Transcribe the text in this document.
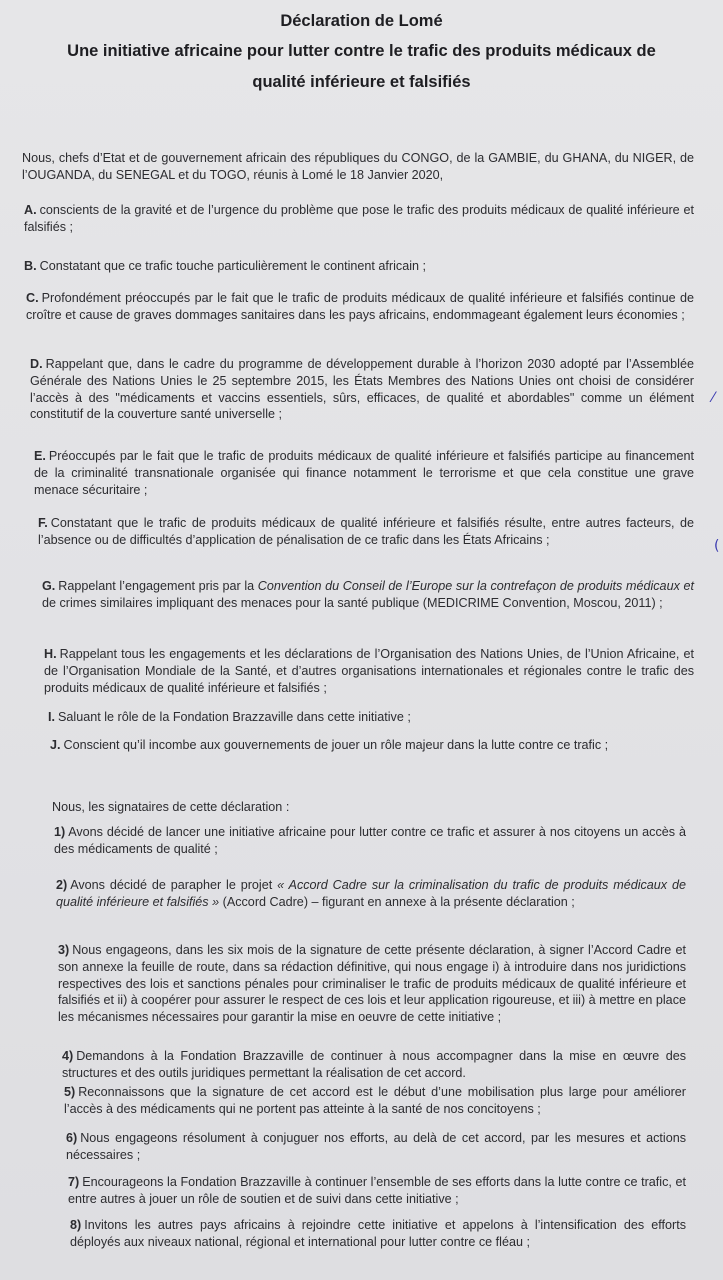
Déclaration de Lomé
Une initiative africaine pour lutter contre le trafic des produits médicaux de
qualité inférieure et falsifiés

Nous, chefs d’Etat et de gouvernement africain des républiques du CONGO, de la GAMBIE, du GHANA, du NIGER, de l’OUGANDA, du SENEGAL et du TOGO, réunis à Lomé le 18 Janvier 2020,

A. conscients de la gravité et de l’urgence du problème que pose le trafic des produits médicaux de qualité inférieure et falsifiés ;

B. Constatant que ce trafic touche particulièrement le continent africain ;

C. Profondément préoccupés par le fait que le trafic de produits médicaux de qualité inférieure et falsifiés continue de croître et cause de graves dommages sanitaires dans les pays africains, endommageant également leurs économies ;

D. Rappelant que, dans le cadre du programme de développement durable à l’horizon 2030 adopté par l’Assemblée Générale des Nations Unies le 25 septembre 2015, les États Membres des Nations Unies ont choisi de considérer l’accès à des "médicaments et vaccins essentiels, sûrs, efficaces, de qualité et abordables" comme un élément constitutif de la couverture santé universelle ;

E. Préoccupés par le fait que le trafic de produits médicaux de qualité inférieure et falsifiés participe au financement de la criminalité transnationale organisée qui finance notamment le terrorisme et que cela constitue une grave menace sécuritaire ;

F. Constatant que le trafic de produits médicaux de qualité inférieure et falsifiés résulte, entre autres facteurs, de l’absence ou de difficultés d’application de pénalisation de ce trafic dans les États Africains ;

G. Rappelant l’engagement pris par la Convention du Conseil de l’Europe sur la contrefaçon de produits médicaux et de crimes similaires impliquant des menaces pour la santé publique (MEDICRIME Convention, Moscou, 2011) ;

H. Rappelant tous les engagements et les déclarations de l’Organisation des Nations Unies, de l’Union Africaine, et de l’Organisation Mondiale de la Santé, et d’autres organisations internationales et régionales contre le trafic des produits médicaux de qualité inférieure et falsifiés ;

I. Saluant le rôle de la Fondation Brazzaville dans cette initiative ;

J. Conscient qu’il incombe aux gouvernements de jouer un rôle majeur dans la lutte contre ce trafic ;

Nous, les signataires de cette déclaration :

1) Avons décidé de lancer une initiative africaine pour lutter contre ce trafic et assurer à nos citoyens un accès à des médicaments de qualité ;

2) Avons décidé de parapher le projet « Accord Cadre sur la criminalisation du trafic de produits médicaux de qualité inférieure et falsifiés » (Accord Cadre) – figurant en annexe à la présente déclaration ;

3) Nous engageons, dans les six mois de la signature de cette présente déclaration, à signer l’Accord Cadre et son annexe la feuille de route, dans sa rédaction définitive, qui nous engage i) à introduire dans nos juridictions respectives des lois et sanctions pénales pour criminaliser le trafic de produits médicaux de qualité inférieure et falsifiés et ii) à coopérer pour assurer le respect de ces lois et leur application rigoureuse, et iii) à mettre en place les mécanismes nécessaires pour garantir la mise en oeuvre de cette initiative ;

4) Demandons à la Fondation Brazzaville de continuer à nous accompagner dans la mise en œuvre des structures et des outils juridiques permettant la réalisation de cet accord.

5) Reconnaissons que la signature de cet accord est le début d’une mobilisation plus large pour améliorer l’accès à des médicaments qui ne portent pas atteinte à la santé de nos concitoyens ;

6) Nous engageons résolument à conjuguer nos efforts, au delà de cet accord, par les mesures et actions nécessaires ;

7) Encourageons la Fondation Brazzaville à continuer l’ensemble de ses efforts dans la lutte contre ce trafic, et entre autres à jouer un rôle de soutien et de suivi dans cette initiative ;

8) Invitons les autres pays africains à rejoindre cette initiative et appelons à l’intensification des efforts déployés aux niveaux national, régional et international pour lutter contre ce fléau ;

⁄
(
